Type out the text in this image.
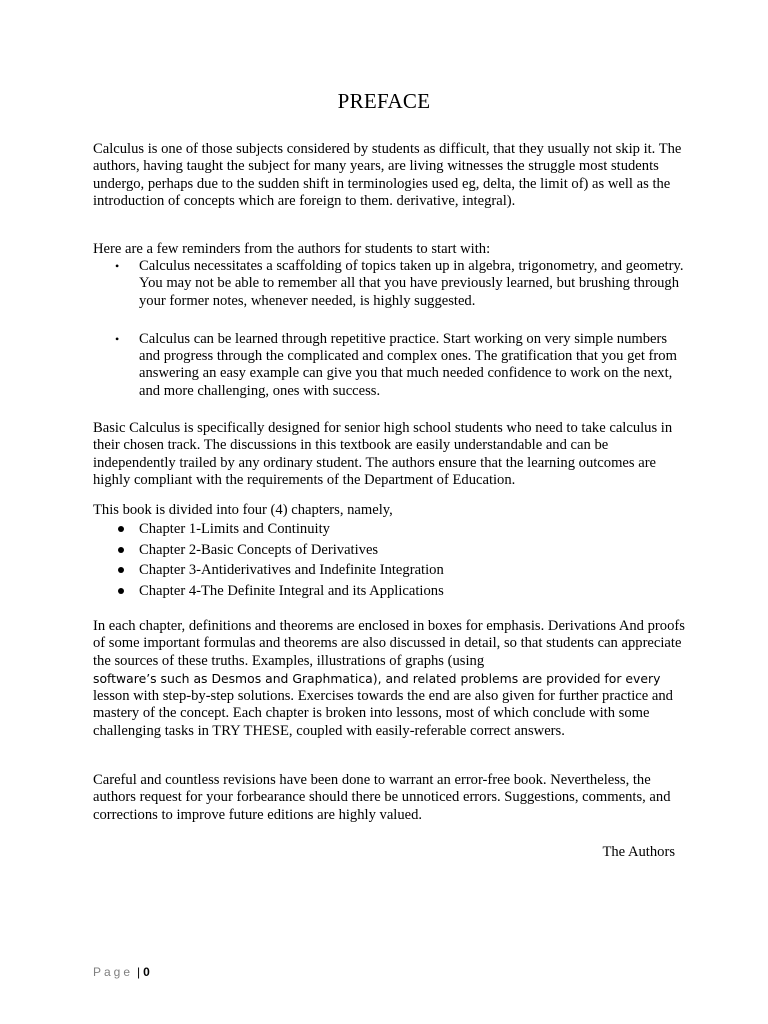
PREFACE

Calculus is one of those subjects considered by students as difficult, that they usually not skip it. The authors, having taught the subject for many years, are living witnesses the struggle most students undergo, perhaps due to the sudden shift in terminologies used eg, delta, the limit of) as well as the introduction of concepts which are foreign to them. derivative, integral).

Here are a few reminders from the authors for students to start with:

• Calculus necessitates a scaffolding of topics taken up in algebra, trigonometry, and geometry. You may not be able to remember all that you have previously learned, but brushing through your former notes, whenever needed, is highly suggested.
• Calculus can be learned through repetitive practice. Start working on very simple numbers and progress through the complicated and complex ones. The gratification that you get from answering an easy example can give you that much needed confidence to work on the next, and more challenging, ones with success.

Basic Calculus is specifically designed for senior high school students who need to take calculus in their chosen track. The discussions in this textbook are easily understandable and can be independently trailed by any ordinary student. The authors ensure that the learning outcomes are highly compliant with the requirements of the Department of Education.

This book is divided into four (4) chapters, namely,

Chapter 1-Limits and Continuity
Chapter 2-Basic Concepts of Derivatives
Chapter 3-Antiderivatives and Indefinite Integration
Chapter 4-The Definite Integral and its Applications

In each chapter, definitions and theorems are enclosed in boxes for emphasis. Derivations And proofs of some important formulas and theorems are also discussed in detail, so that students can appreciate the sources of these truths. Examples, illustrations of graphs (using
software’s such as Desmos and Graphmatica), and related problems are provided for every
lesson with step-by-step solutions. Exercises towards the end are also given for further practice and mastery of the concept. Each chapter is broken into lessons, most of which conclude with some challenging tasks in TRY THESE, coupled with easily-referable correct answers.

Careful and countless revisions have been done to warrant an error-free book. Nevertheless, the authors request for your forbearance should there be unnoticed errors. Suggestions, comments, and corrections to improve future editions are highly valued.

The Authors
Page | 0
